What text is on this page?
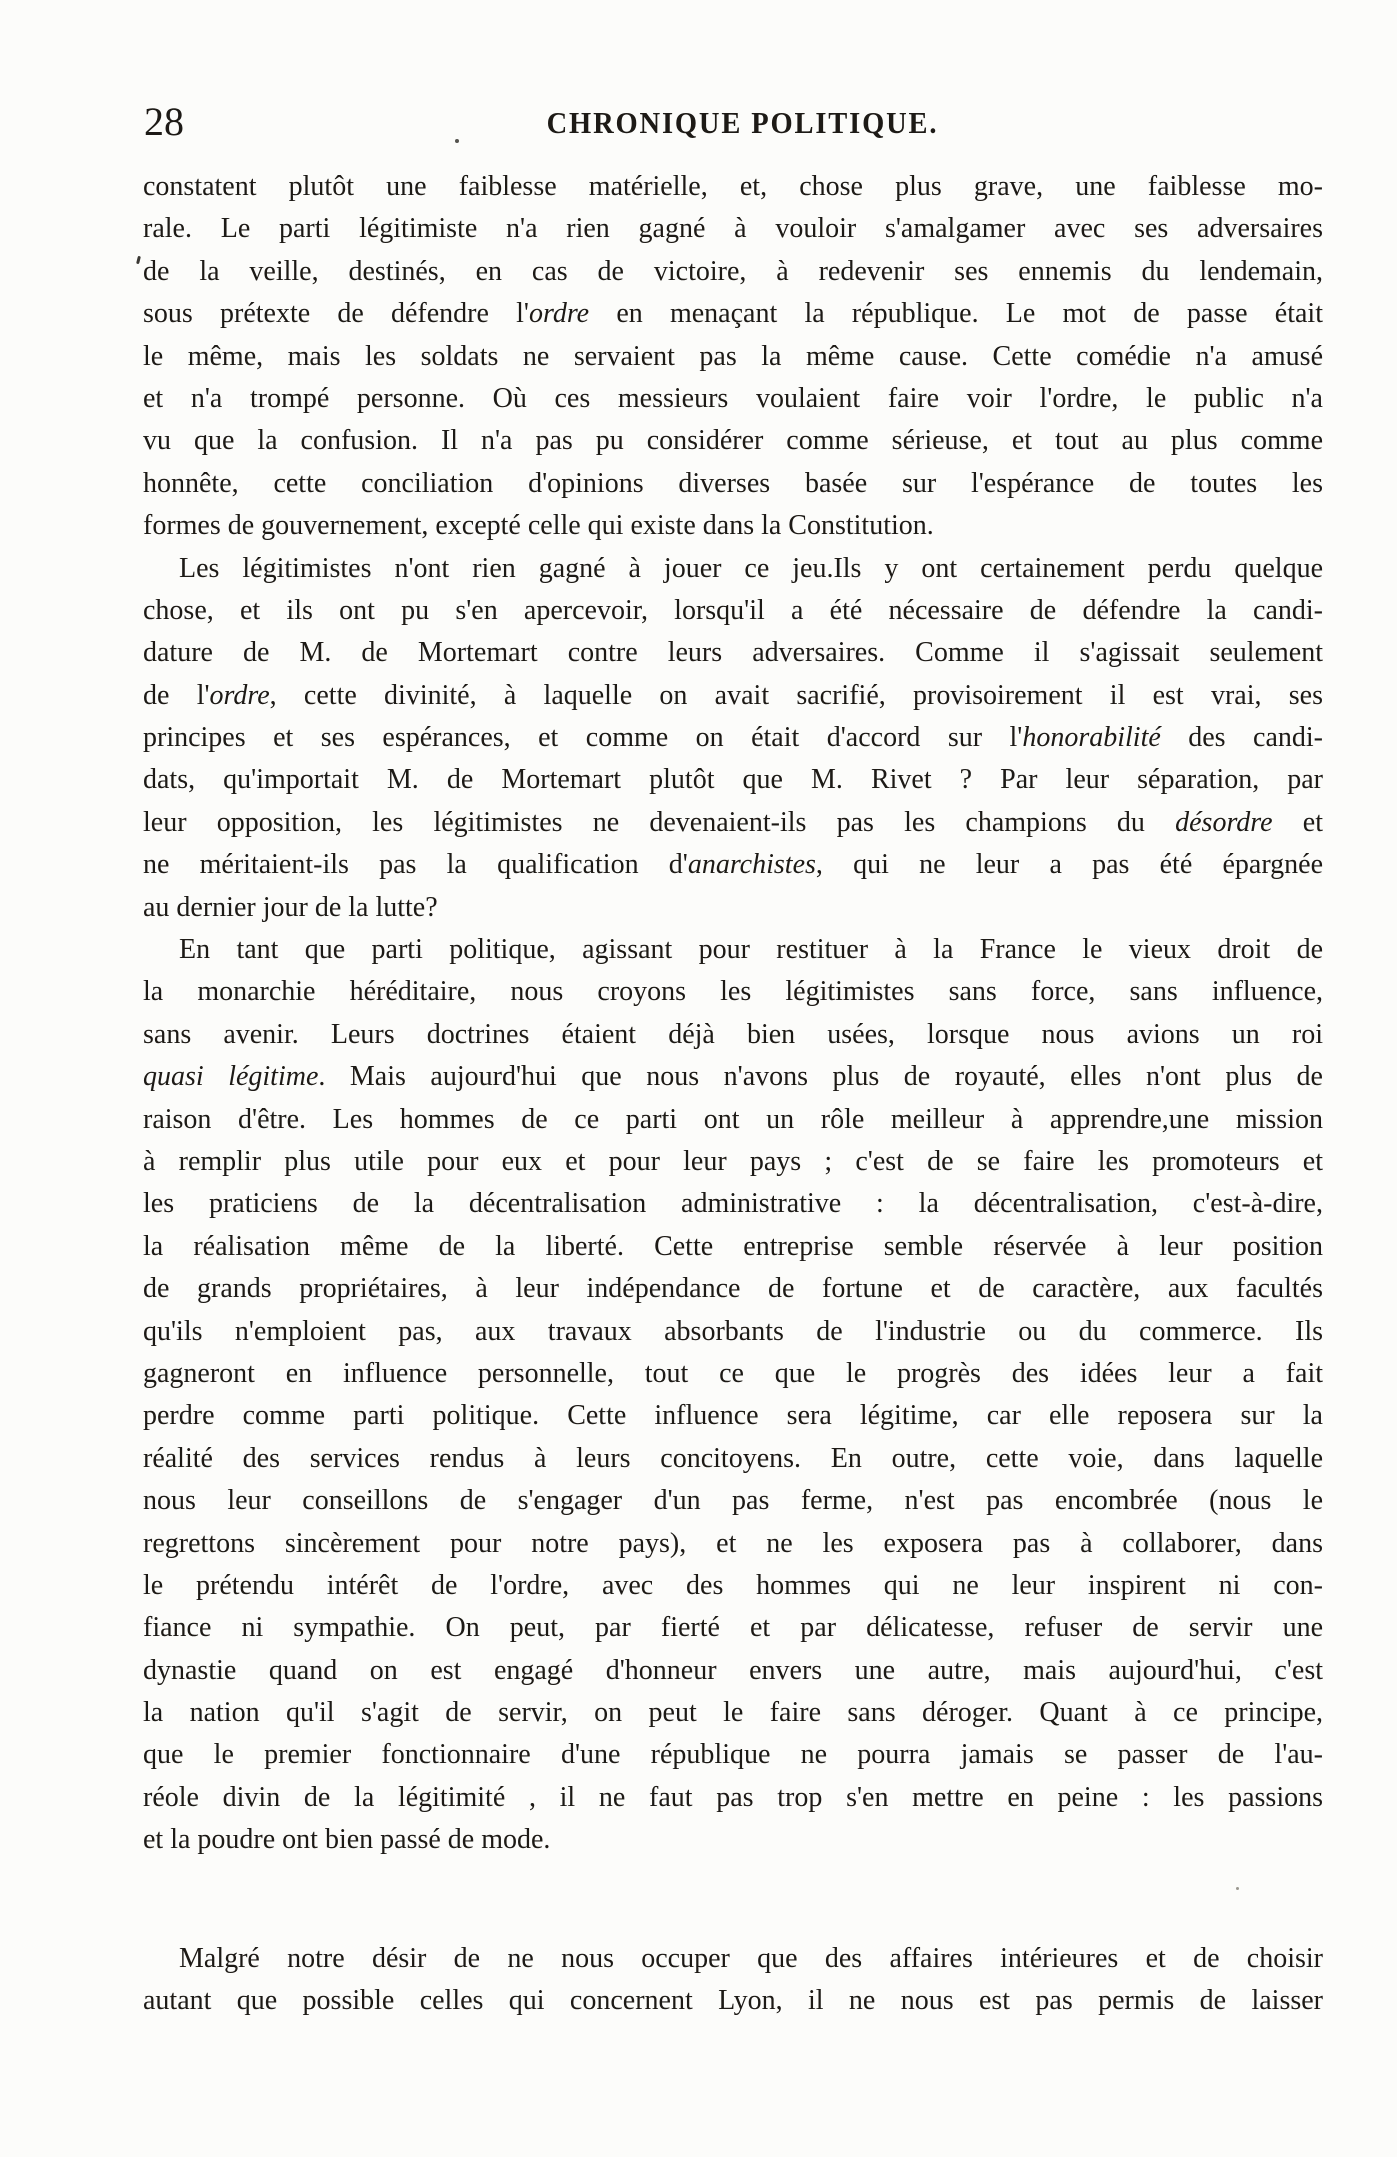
28	CHRONIQUE POLITIQUE.
constatent plutôt une faiblesse matérielle, et, chose plus grave, une faiblesse mo-
rale. Le parti légitimiste n'a rien gagné à vouloir s'amalgamer avec ses adversaires
de la veille, destinés, en cas de victoire, à redevenir ses ennemis du lendemain,
sous prétexte de défendre l'ordre en menaçant la république. Le mot de passe était
le même, mais les soldats ne servaient pas la même cause. Cette comédie n'a amusé
et n'a trompé personne. Où ces messieurs voulaient faire voir l'ordre, le public n'a
vu que la confusion. Il n'a pas pu considérer comme sérieuse, et tout au plus comme
honnête, cette conciliation d'opinions diverses basée sur l'espérance de toutes les
formes de gouvernement, excepté celle qui existe dans la Constitution.
Les légitimistes n'ont rien gagné à jouer ce jeu.Ils y ont certainement perdu quelque
chose, et ils ont pu s'en apercevoir, lorsqu'il a été nécessaire de défendre la candi-
dature de M. de Mortemart contre leurs adversaires. Comme il s'agissait seulement
de l'ordre, cette divinité, à laquelle on avait sacrifié, provisoirement il est vrai, ses
principes et ses espérances, et comme on était d'accord sur l'honorabilité des candi-
dats, qu'importait M. de Mortemart plutôt que M. Rivet ? Par leur séparation, par
leur opposition, les légitimistes ne devenaient-ils pas les champions du désordre et
ne méritaient-ils pas la qualification d'anarchistes, qui ne leur a pas été épargnée
au dernier jour de la lutte?
En tant que parti politique, agissant pour restituer à la France le vieux droit de
la monarchie héréditaire, nous croyons les légitimistes sans force, sans influence,
sans avenir. Leurs doctrines étaient déjà bien usées, lorsque nous avions un roi
quasi légitime. Mais aujourd'hui que nous n'avons plus de royauté, elles n'ont plus de
raison d'être. Les hommes de ce parti ont un rôle meilleur à apprendre,une mission
à remplir plus utile pour eux et pour leur pays ; c'est de se faire les promoteurs et
les praticiens de la décentralisation administrative : la décentralisation, c'est-à-dire,
la réalisation même de la liberté. Cette entreprise semble réservée à leur position
de grands propriétaires, à leur indépendance de fortune et de caractère, aux facultés
qu'ils n'emploient pas, aux travaux absorbants de l'industrie ou du commerce. Ils
gagneront en influence personnelle, tout ce que le progrès des idées leur a fait
perdre comme parti politique. Cette influence sera légitime, car elle reposera sur la
réalité des services rendus à leurs concitoyens. En outre, cette voie, dans laquelle
nous leur conseillons de s'engager d'un pas ferme, n'est pas encombrée (nous le
regrettons sincèrement pour notre pays), et ne les exposera pas à collaborer, dans
le prétendu intérêt de l'ordre, avec des hommes qui ne leur inspirent ni con-
fiance ni sympathie. On peut, par fierté et par délicatesse, refuser de servir une
dynastie quand on est engagé d'honneur envers une autre, mais aujourd'hui, c'est
la nation qu'il s'agit de servir, on peut le faire sans déroger. Quant à ce principe,
que le premier fonctionnaire d'une république ne pourra jamais se passer de l'au-
réole divin de la légitimité , il ne faut pas trop s'en mettre en peine : les passions
et la poudre ont bien passé de mode.
Malgré notre désir de ne nous occuper que des affaires intérieures et de choisir
autant que possible celles qui concernent Lyon, il ne nous est pas permis de laisser
